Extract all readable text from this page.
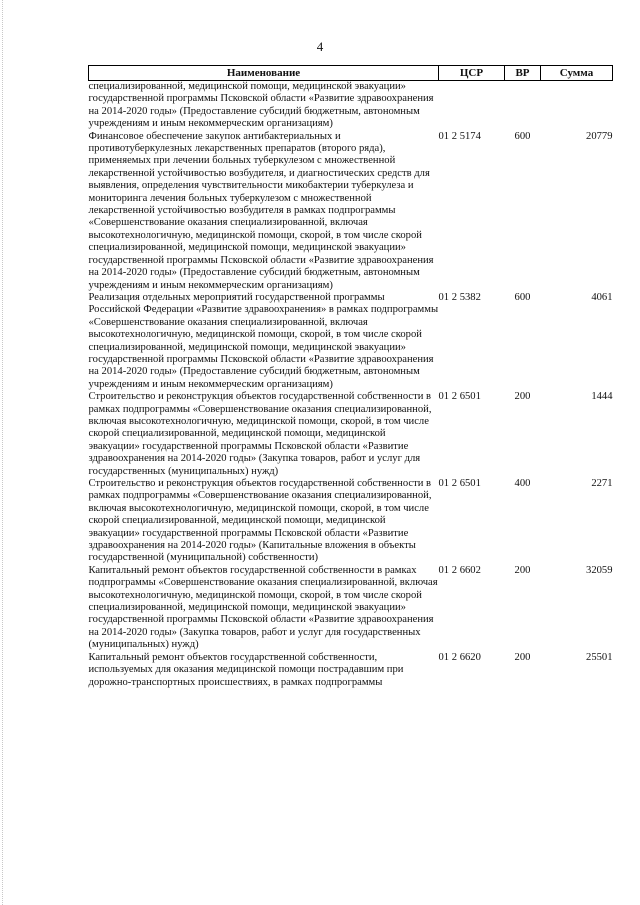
4
Наименование	ЦСР	ВР	Сумма
специализированной, медицинской помощи, медицинской эвакуации» государственной программы Псковской области «Развитие здравоохранения на 2014-2020 годы» (Предоставление субсидий бюджетным, автономным учреждениям и иным некоммерческим организациям)			
Финансовое обеспечение закупок антибактериальных и противотуберкулезных лекарственных препаратов (второго ряда), применяемых при лечении больных туберкулезом с множественной лекарственной устойчивостью возбудителя, и диагностических средств для выявления, определения чувствительности микобактерии туберкулеза и мониторинга лечения больных туберкулезом с множественной лекарственной устойчивостью возбудителя в рамках подпрограммы «Совершенствование оказания специализированной, включая высокотехнологичную, медицинской помощи, скорой, в том числе скорой специализированной, медицинской помощи, медицинской эвакуации» государственной программы Псковской области «Развитие здравоохранения на 2014-2020 годы» (Предоставление субсидий бюджетным, автономным учреждениям и иным некоммерческим организациям)	01 2 5174	600	20779
Реализация отдельных мероприятий государственной программы Российской Федерации «Развитие здравоохранения» в рамках подпрограммы «Совершенствование оказания специализированной, включая высокотехнологичную, медицинской помощи, скорой, в том числе скорой специализированной, медицинской помощи, медицинской эвакуации» государственной программы Псковской области «Развитие здравоохранения на 2014-2020 годы» (Предоставление субсидий бюджетным, автономным учреждениям и иным некоммерческим организациям)	01 2 5382	600	4061
Строительство и реконструкция объектов государственной собственности в рамках подпрограммы «Совершенствование оказания специализированной, включая высокотехнологичную, медицинской помощи, скорой, в том числе скорой специализированной, медицинской помощи, медицинской эвакуации» государственной программы Псковской области «Развитие здравоохранения на 2014-2020 годы» (Закупка товаров, работ и услуг для государственных (муниципальных) нужд)	01 2 6501	200	1444
Строительство и реконструкция объектов государственной собственности в рамках подпрограммы «Совершенствование оказания специализированной, включая высокотехнологичную, медицинской помощи, скорой, в том числе скорой специализированной, медицинской помощи, медицинской эвакуации» государственной программы Псковской области «Развитие здравоохранения на 2014-2020 годы» (Капитальные вложения в объекты государственной (муниципальной) собственности)	01 2 6501	400	2271
Капитальный ремонт объектов государственной собственности в рамках подпрограммы «Совершенствование оказания специализированной, включая высокотехнологичную, медицинской помощи, скорой, в том числе скорой специализированной, медицинской помощи, медицинской эвакуации» государственной программы Псковской области «Развитие здравоохранения на 2014-2020 годы» (Закупка товаров, работ и услуг для государственных (муниципальных) нужд)	01 2 6602	200	32059
Капитальный ремонт объектов государственной собственности, используемых для оказания медицинской помощи пострадавшим при дорожно-транспортных происшествиях, в рамках подпрограммы	01 2 6620	200	25501
